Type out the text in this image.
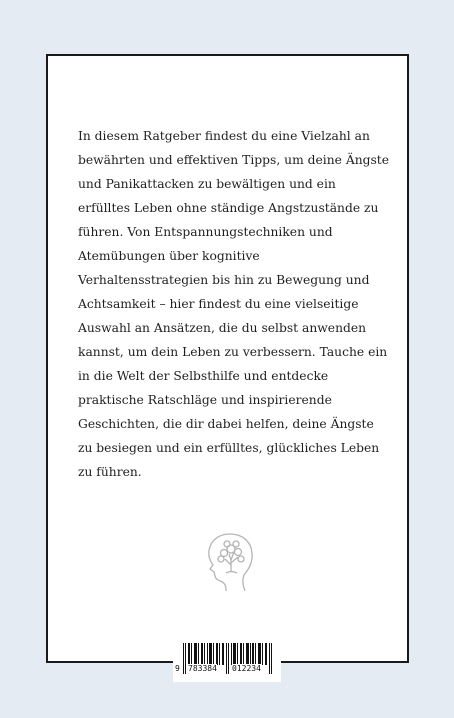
In diesem Ratgeber findest du eine Vielzahl an bewährten und effektiven Tipps, um deine Ängste und Panikattacken zu bewältigen und ein erfülltes Leben ohne ständige Angstzustände zu führen. Von Entspannungstechniken und Atemübungen über kognitive Verhaltensstrategien bis hin zu Bewegung und Achtsamkeit – hier findest du eine vielseitige Auswahl an Ansätzen, die du selbst anwenden kannst, um dein Leben zu verbessern. Tauche ein in die Welt der Selbsthilfe und entdecke praktische Ratschläge und inspirierende Geschichten, die dir dabei helfen, deine Ängste zu besiegen und ein erfülltes, glückliches Leben zu führen.

9 783384 012234
